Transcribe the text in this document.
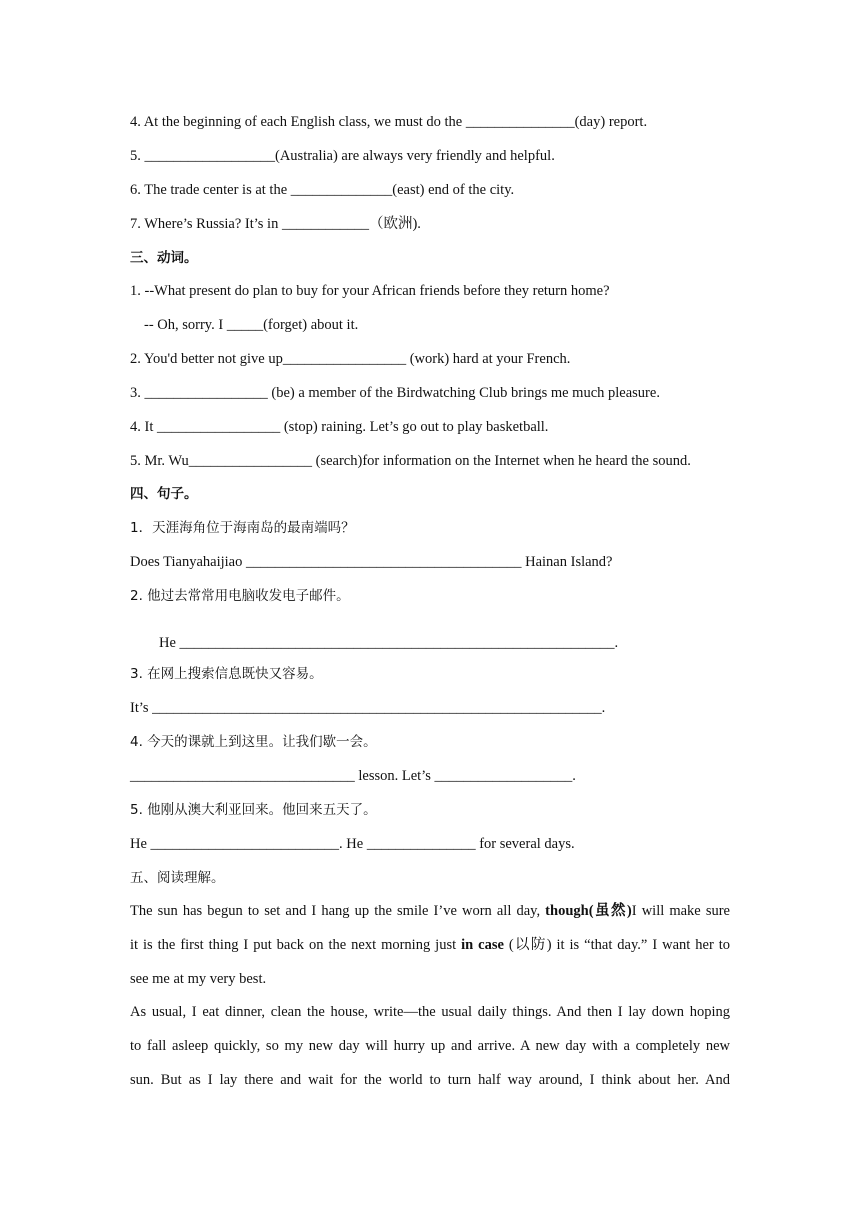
4. At the beginning of each English class, we must do the _______________(day) report.
5. __________________(Australia) are always very friendly and helpful.
6. The trade center is at the ______________(east) end of the city.
7. Where’s Russia? It’s in ____________（欧洲).
三、动词。
1. --What present do plan to buy for your African friends before they return home?
-- Oh, sorry. I _____(forget) about it.
2. You'd better not give up_________________ (work) hard at your French.
3. _________________ (be) a member of the Birdwatching Club brings me much pleasure.
4. It _________________ (stop) raining. Let’s go out to play basketball.
5. Mr. Wu_________________ (search)for information on the Internet when he heard the sound.
四、句子。
1．天涯海角位于海南岛的最南端吗？
Does Tianyahaijiao ______________________________________ Hainan Island?
2. 他过去常常用电脑收发电子邮件。
He ____________________________________________________________.
3. 在网上搜索信息既快又容易。
It’s ______________________________________________________________.
4. 今天的课就上到这里。让我们歇一会。
_______________________________ lesson. Let’s ___________________.
5. 他刚从澳大利亚回来。他回来五天了。
He __________________________. He _______________ for several days.
五、阅读理解。
The sun has begun to set and I hang up the smile I’ve worn all day, though(虽然)I will make sure
it is the first thing I put back on the next morning just in case (以防) it is “that day.” I want her to
see me at my very best.
As usual, I eat dinner, clean the house, write—the usual daily things. And then I lay down hoping
to fall asleep quickly, so my new day will hurry up and arrive. A new day with a completely new
sun. But as I lay there and wait for the world to turn half way around, I think about her. And
